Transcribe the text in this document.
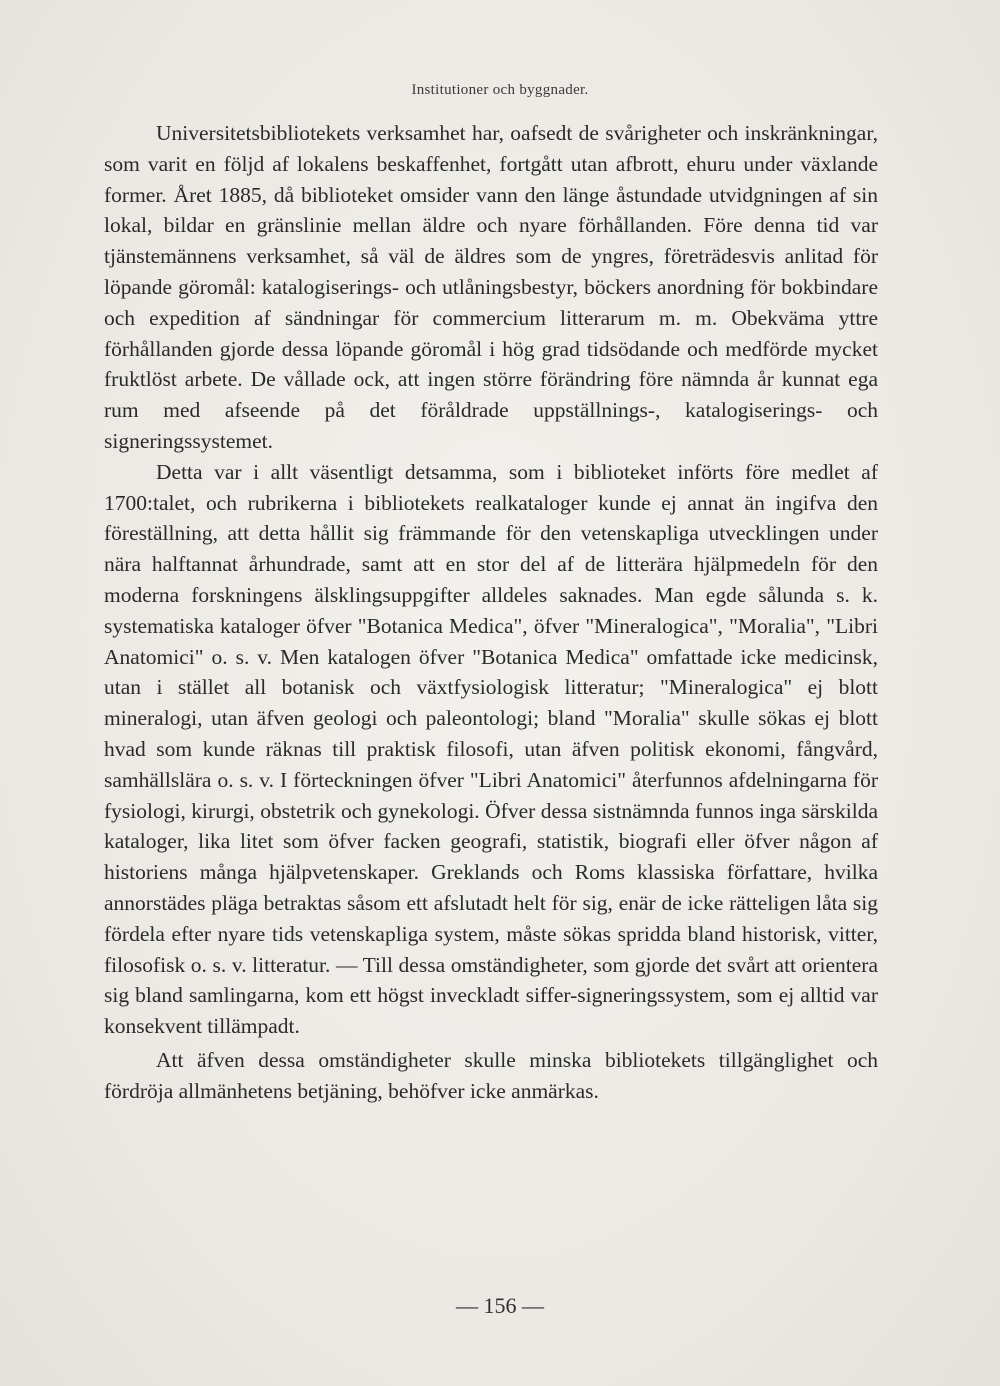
Institutioner och byggnader.

Universitetsbibliotekets verksamhet har, oafsedt de svårigheter och inskränkningar, som varit en följd af lokalens beskaffenhet, fortgått utan afbrott, ehuru under växlande former. Året 1885, då biblioteket omsider vann den länge åstundade utvidgningen af sin lokal, bildar en gränslinie mellan äldre och nyare förhållanden. Före denna tid var tjänstemännens verksamhet, så väl de äldres som de yngres, företrädesvis anlitad för löpande göromål: katalogiserings- och utlåningsbestyr, böckers anordning för bokbindare och expedition af sändningar för commercium litterarum m. m. Obekväma yttre förhållanden gjorde dessa löpande göromål i hög grad tidsödande och medförde mycket fruktlöst arbete. De vållade ock, att ingen större förändring före nämnda år kunnat ega rum med afseende på det föråldrade uppställnings-, katalogiserings- och signeringssystemet.

Detta var i allt väsentligt detsamma, som i biblioteket införts före medlet af 1700:talet, och rubrikerna i bibliotekets realkataloger kunde ej annat än ingifva den föreställning, att detta hållit sig främmande för den vetenskapliga utvecklingen under nära halftannat århundrade, samt att en stor del af de litterära hjälpmedeln för den moderna forskningens älsklingsuppgifter alldeles saknades. Man egde sålunda s. k. systematiska kataloger öfver "Botanica Medica", öfver "Mineralogica", "Moralia", "Libri Anatomici" o. s. v. Men katalogen öfver "Botanica Medica" omfattade icke medicinsk, utan i stället all botanisk och växtfysiologisk litteratur; "Mineralogica" ej blott mineralogi, utan äfven geologi och paleontologi; bland "Moralia" skulle sökas ej blott hvad som kunde räknas till praktisk filosofi, utan äfven politisk ekonomi, fångvård, samhällslära o. s. v. I förteckningen öfver "Libri Anatomici" återfunnos afdelningarna för fysiologi, kirurgi, obstetrik och gynekologi. Öfver dessa sistnämnda funnos inga särskilda kataloger, lika litet som öfver facken geografi, statistik, biografi eller öfver någon af historiens många hjälpvetenskaper. Greklands och Roms klassiska författare, hvilka annorstädes pläga betraktas såsom ett afslutadt helt för sig, enär de icke rätteligen låta sig fördela efter nyare tids vetenskapliga system, måste sökas spridda bland historisk, vitter, filosofisk o. s. v. litteratur. — Till dessa omständigheter, som gjorde det svårt att orientera sig bland samlingarna, kom ett högst inveckladt siffer-signeringssystem, som ej alltid var konsekvent tillämpadt.

Att äfven dessa omständigheter skulle minska bibliotekets tillgänglighet och fördröja allmänhetens betjäning, behöfver icke anmärkas.

— 156 —
